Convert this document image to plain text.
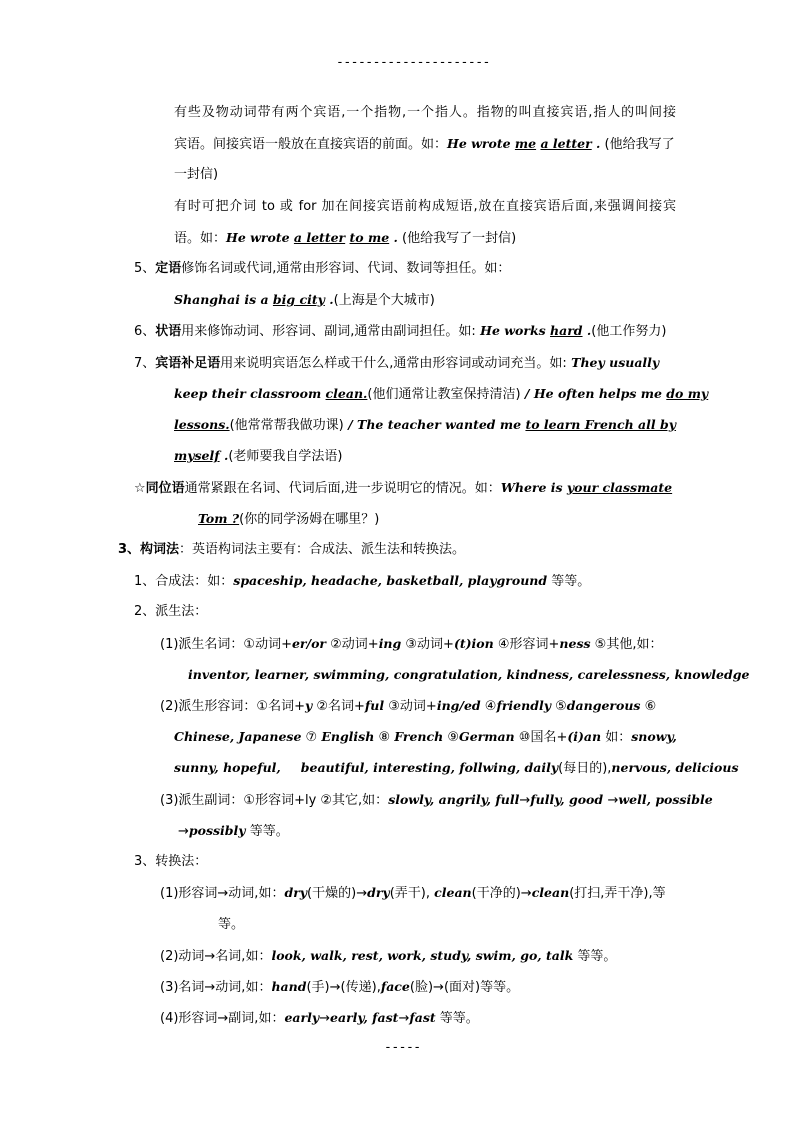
---------------------
有些及物动词带有两个宾语,一个指物,一个指人。指物的叫直接宾语,指人的叫间接
宾语。间接宾语一般放在直接宾语的前面。如：He wrote me a letter . (他给我写了
一封信)
有时可把介词 to 或 for 加在间接宾语前构成短语,放在直接宾语后面,来强调间接宾
语。如：He wrote a letter to me . (他给我写了一封信)
5、定语修饰名词或代词,通常由形容词、代词、数词等担任。如：
Shanghai is a big city .(上海是个大城市)
6、状语用来修饰动词、形容词、副词,通常由副词担任。如: He works hard .(他工作努力)
7、宾语补足语用来说明宾语怎么样或干什么,通常由形容词或动词充当。如: They usually
keep their classroom clean.(他们通常让教室保持清洁) / He often helps me do my
lessons.(他常常帮我做功课) / The teacher wanted me to learn French all by
myself .(老师要我自学法语)
☆同位语通常紧跟在名词、代词后面,进一步说明它的情况。如：Where is your classmate
Tom ?(你的同学汤姆在哪里？)
3、构词法：英语构词法主要有：合成法、派生法和转换法。
1、合成法：如：spaceship, headache, basketball, playground 等等。
2、派生法：
(1)派生名词：①动词+er/or ②动词+ing ③动词+(t)ion ④形容词+ness ⑤其他,如：
inventor, learner, swimming, congratulation, kindness, carelessness, knowledge
(2)派生形容词：①名词+y ②名词+ful ③动词+ing/ed ④friendly ⑤dangerous ⑥
Chinese, Japanese ⑦ English ⑧ French ⑨German ⑩国名+(i)an 如：snowy,
sunny, hopeful, beautiful, interesting, follwing, daily(每日的),nervous, delicious
(3)派生副词：①形容词+ly ②其它,如：slowly, angrily, full→fully, good →well, possible
→possibly 等等。
3、转换法：
(1)形容词→动词,如：dry(干燥的)→dry(弄干), clean(干净的)→clean(打扫,弄干净),等
等。
(2)动词→名词,如：look, walk, rest, work, study, swim, go, talk 等等。
(3)名词→动词,如：hand(手)→(传递),face(脸)→(面对)等等。
(4)形容词→副词,如：early→early, fast→fast 等等。
-----
